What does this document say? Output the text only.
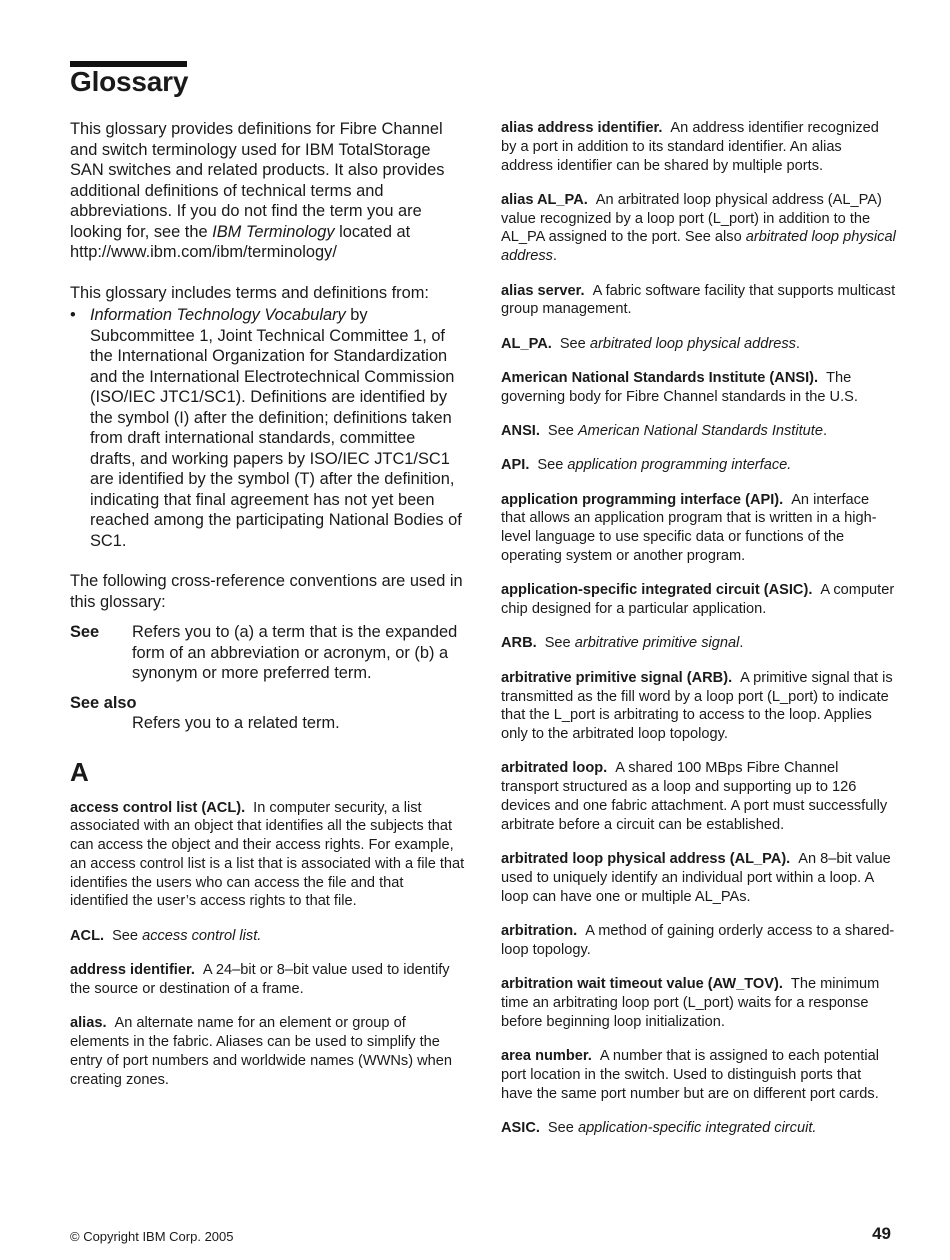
Glossary

This glossary provides definitions for Fibre Channel and switch terminology used for IBM TotalStorage SAN switches and related products. It also provides additional definitions of technical terms and abbreviations. If you do not find the term you are looking for, see the IBM Terminology located at http://www.ibm.com/ibm/terminology/

This glossary includes terms and definitions from:

• Information Technology Vocabulary by Subcommittee 1, Joint Technical Committee 1, of the International Organization for Standardization and the International Electrotechnical Commission (ISO/IEC JTC1/SC1). Definitions are identified by the symbol (I) after the definition; definitions taken from draft international standards, committee drafts, and working papers by ISO/IEC JTC1/SC1 are identified by the symbol (T) after the definition, indicating that final agreement has not yet been reached among the participating National Bodies of SC1.

The following cross-reference conventions are used in this glossary:

See	Refers you to (a) a term that is the expanded form of an abbreviation or acronym, or (b) a synonym or more preferred term.
See also
Refers you to a related term.
A

access control list (ACL). In computer security, a list associated with an object that identifies all the subjects that can access the object and their access rights. For example, an access control list is a list that is associated with a file that identifies the users who can access the file and that identified the user’s access rights to that file.

ACL. See access control list.

address identifier. A 24–bit or 8–bit value used to identify the source or destination of a frame.

alias. An alternate name for an element or group of elements in the fabric. Aliases can be used to simplify the entry of port numbers and worldwide names (WWNs) when creating zones.

alias address identifier. An address identifier recognized by a port in addition to its standard identifier. An alias address identifier can be shared by multiple ports.

alias AL_PA. An arbitrated loop physical address (AL_PA) value recognized by a loop port (L_port) in addition to the AL_PA assigned to the port. See also arbitrated loop physical address.

alias server. A fabric software facility that supports multicast group management.

AL_PA. See arbitrated loop physical address.

American National Standards Institute (ANSI). The governing body for Fibre Channel standards in the U.S.

ANSI. See American National Standards Institute.

API. See application programming interface.

application programming interface (API). An interface that allows an application program that is written in a high-level language to use specific data or functions of the operating system or another program.

application-specific integrated circuit (ASIC). A computer chip designed for a particular application.

ARB. See arbitrative primitive signal.

arbitrative primitive signal (ARB). A primitive signal that is transmitted as the fill word by a loop port (L_port) to indicate that the L_port is arbitrating to access to the loop. Applies only to the arbitrated loop topology.

arbitrated loop. A shared 100 MBps Fibre Channel transport structured as a loop and supporting up to 126 devices and one fabric attachment. A port must successfully arbitrate before a circuit can be established.

arbitrated loop physical address (AL_PA). An 8–bit value used to uniquely identify an individual port within a loop. A loop can have one or multiple AL_PAs.

arbitration. A method of gaining orderly access to a shared-loop topology.

arbitration wait timeout value (AW_TOV). The minimum time an arbitrating loop port (L_port) waits for a response before beginning loop initialization.

area number. A number that is assigned to each potential port location in the switch. Used to distinguish ports that have the same port number but are on different port cards.

ASIC. See application-specific integrated circuit.

© Copyright IBM Corp. 2005	49
